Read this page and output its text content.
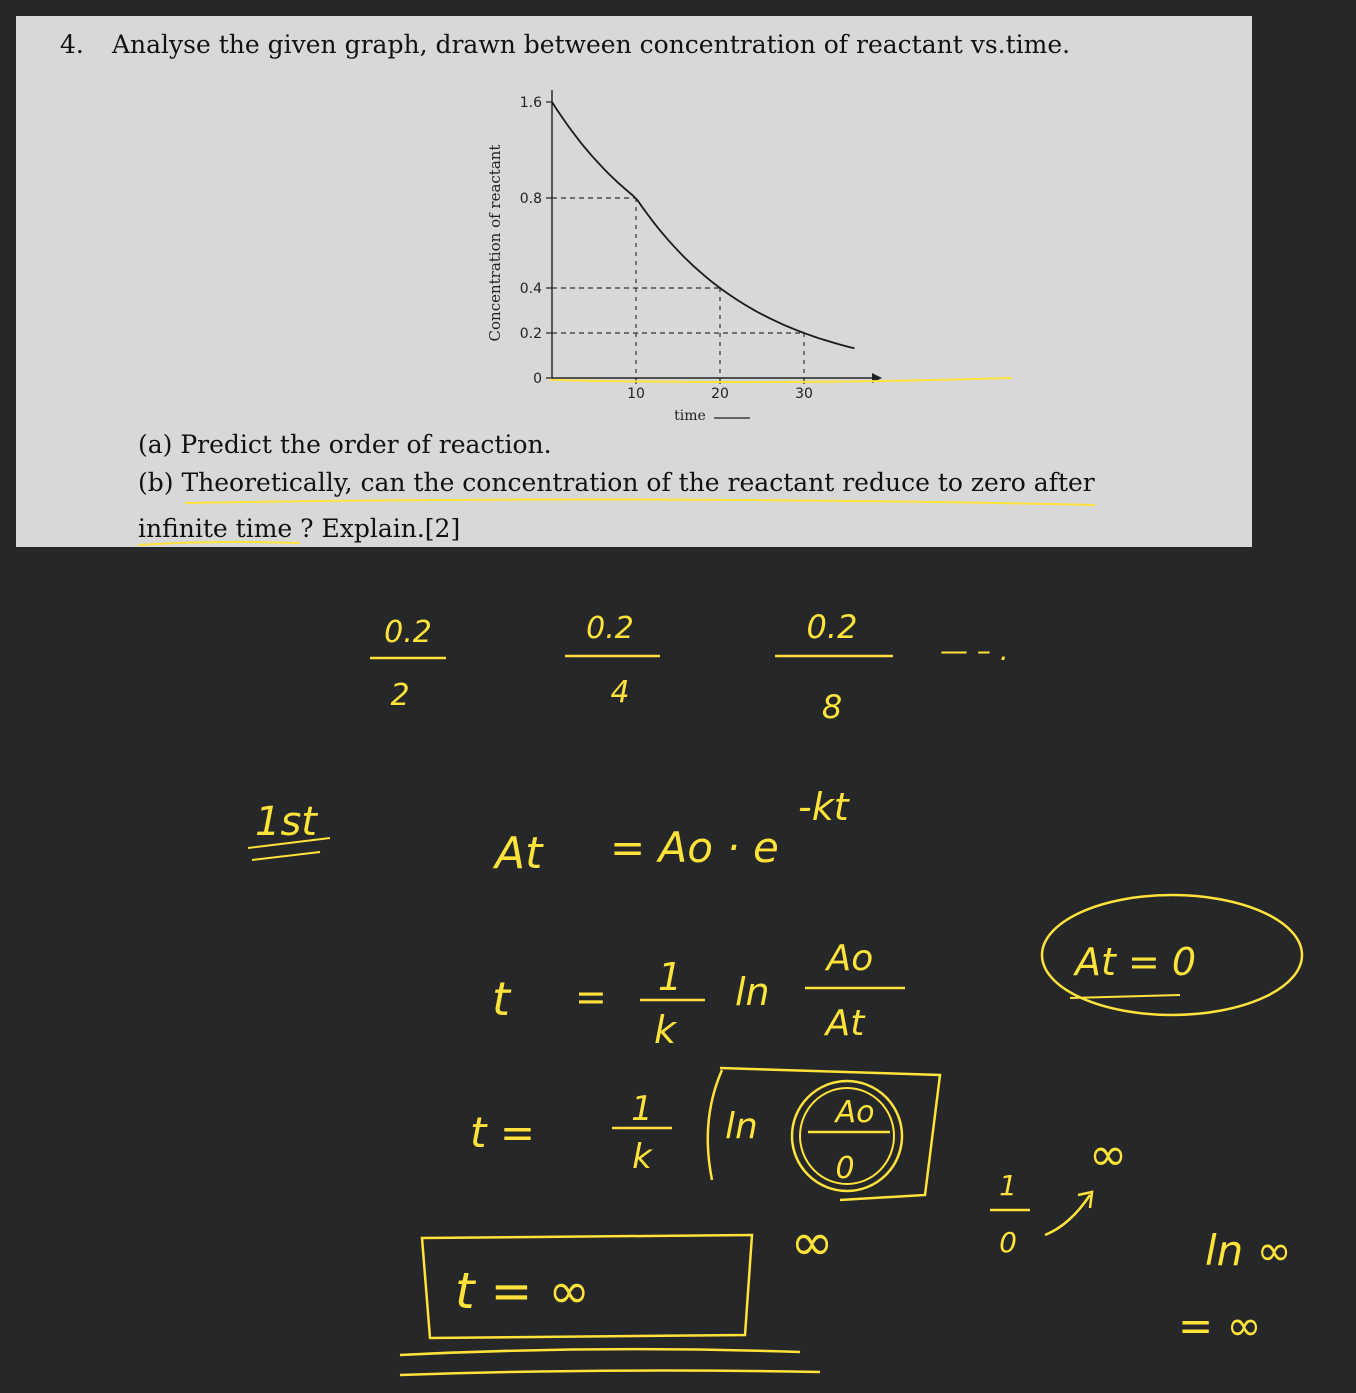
4. Analyse the given graph, drawn between concentration of reactant vs.time.
(a) Predict the order of reaction.
(b) Theoretically, can the concentration of the reactant reduce to zero after
infinite time ? Explain.[2]
Concentration of reactant
time
0
0.2
0.4
0.8
1.6
10	20	30
0.2
2
0.2
4
0.2
8
— – .
1st
At = Ao · e
-kt
t = 1
k
ln
Ao
At
At = 0
t =	1
k
ln	Ao
0
∞
1
0
∞
ln ∞
= ∞
t = ∞
